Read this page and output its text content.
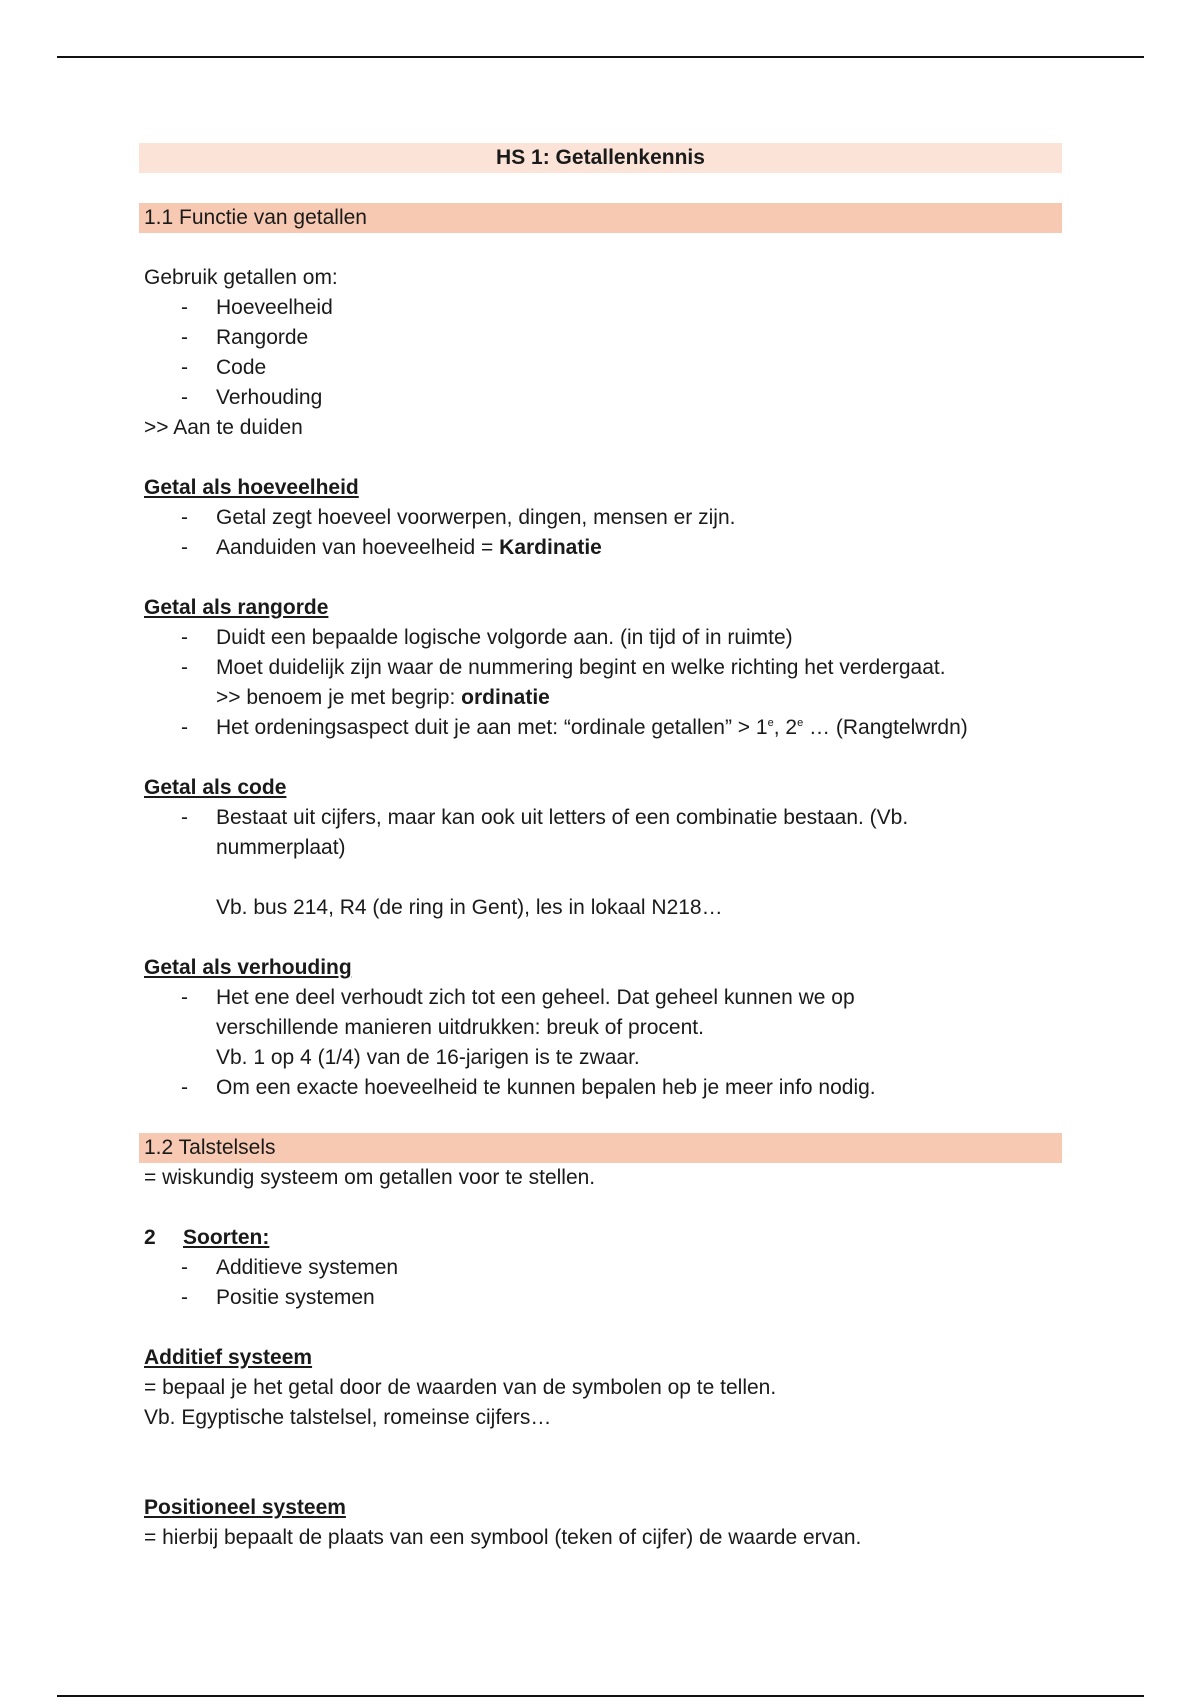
HS 1: Getallenkennis
1.1 Functie van getallen
Gebruik getallen om:
- Hoeveelheid
- Rangorde
- Code
- Verhouding
>> Aan te duiden
Getal als hoeveelheid
- Getal zegt hoeveel voorwerpen, dingen, mensen er zijn.
- Aanduiden van hoeveelheid = Kardinatie
Getal als rangorde
- Duidt een bepaalde logische volgorde aan. (in tijd of in ruimte)
- Moet duidelijk zijn waar de nummering begint en welke richting het verdergaat.
>> benoem je met begrip: ordinatie
- Het ordeningsaspect duit je aan met: “ordinale getallen” > $1^e$, 2e … (Rangtelwrdn)
Getal als code
- Bestaat uit cijfers, maar kan ook uit letters of een combinatie bestaan. (Vb.
nummerplaat)
Vb. bus 214, R4 (de ring in Gent), les in lokaal N218…
Getal als verhouding
- Het ene deel verhoudt zich tot een geheel. Dat geheel kunnen we op
verschillende manieren uitdrukken: breuk of procent.
Vb. 1 op 4 (1/4) van de 16-jarigen is te zwaar.
- Om een exacte hoeveelheid te kunnen bepalen heb je meer info nodig.
1.2 Talstelsels
= wiskundig systeem om getallen voor te stellen.
2 Soorten:
- Additieve systemen
- Positie systemen
Additief systeem
= bepaal je het getal door de waarden van de symbolen op te tellen.
Vb. Egyptische talstelsel, romeinse cijfers…
Positioneel systeem
= hierbij bepaalt de plaats van een symbool (teken of cijfer) de waarde ervan.
